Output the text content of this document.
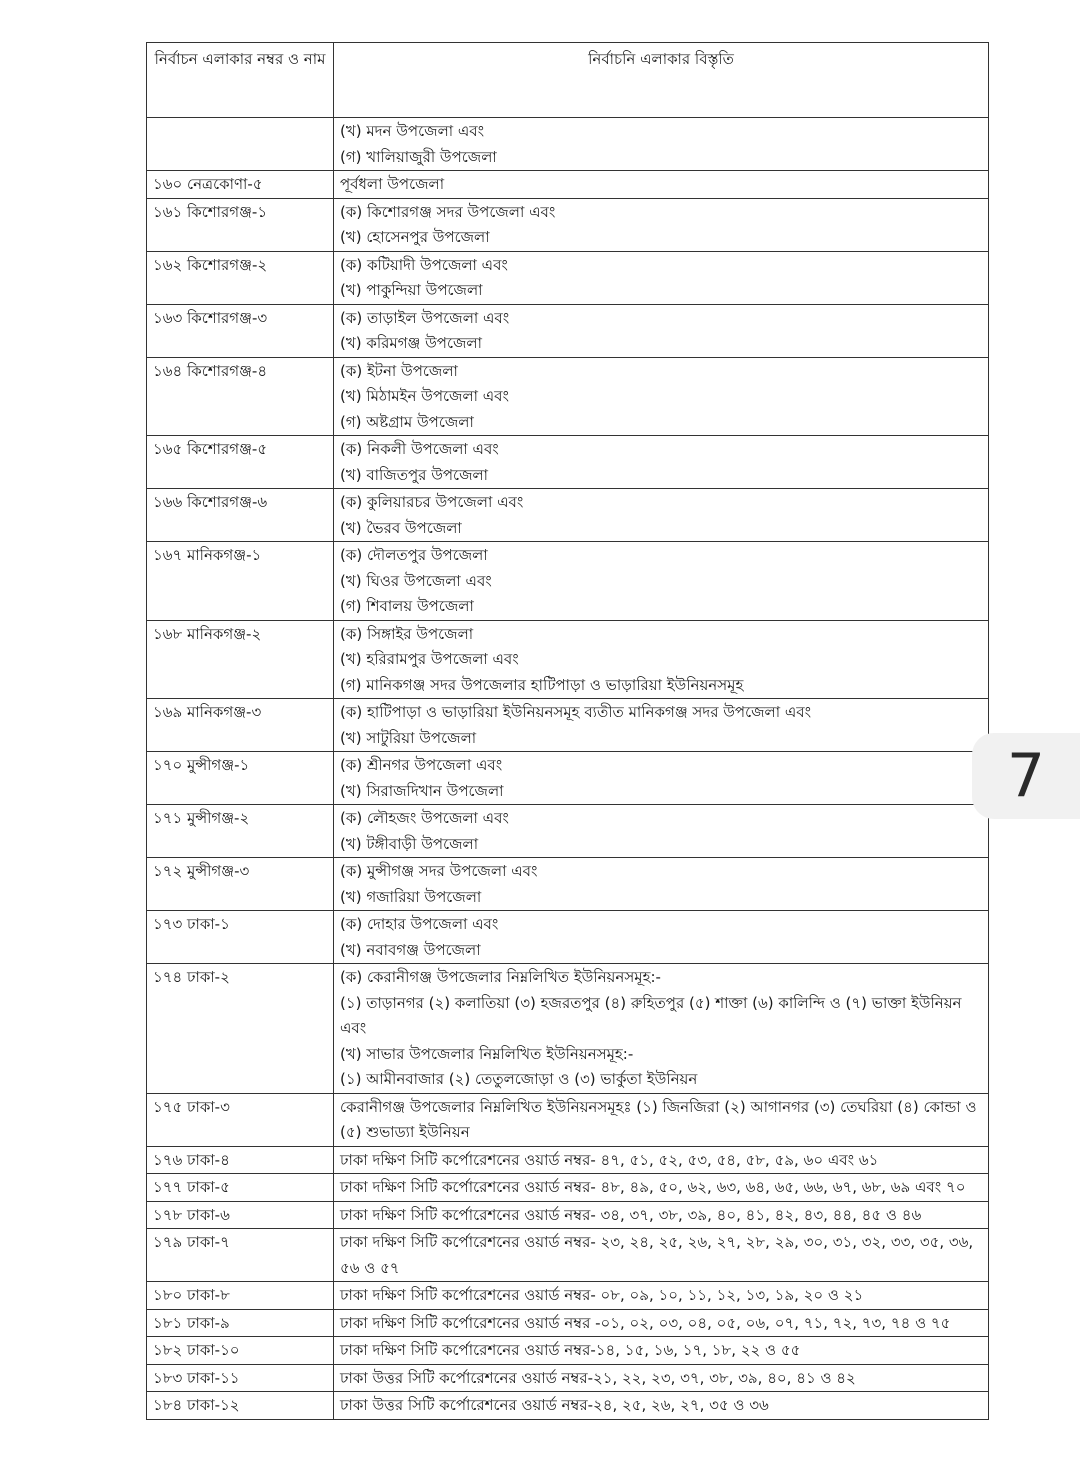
নির্বাচন এলাকার নম্বর ও নাম	নির্বাচনি এলাকার বিস্তৃতি

	(খ) মদন উপজেলা এবং
(গ) খালিয়াজুরী উপজেলা

১৬০ নেত্রকোণা-৫	পূর্বধলা উপজেলা

১৬১ কিশোরগঞ্জ-১	(ক) কিশোরগঞ্জ সদর উপজেলা এবং
(খ) হোসেনপুর উপজেলা

১৬২ কিশোরগঞ্জ-২	(ক) কটিয়াদী উপজেলা এবং
(খ) পাকুন্দিয়া উপজেলা

১৬৩ কিশোরগঞ্জ-৩	(ক) তাড়াইল উপজেলা এবং
(খ) করিমগঞ্জ উপজেলা

১৬৪ কিশোরগঞ্জ-৪	(ক) ইটনা উপজেলা
(খ) মিঠামইন উপজেলা এবং
(গ) অষ্টগ্রাম উপজেলা

১৬৫ কিশোরগঞ্জ-৫	(ক) নিকলী উপজেলা এবং
(খ) বাজিতপুর উপজেলা

১৬৬ কিশোরগঞ্জ-৬	(ক) কুলিয়ারচর উপজেলা এবং
(খ) ভৈরব উপজেলা

১৬৭ মানিকগঞ্জ-১	(ক) দৌলতপুর উপজেলা
(খ) ঘিওর উপজেলা এবং
(গ) শিবালয় উপজেলা

১৬৮ মানিকগঞ্জ-২	(ক) সিঙ্গাইর উপজেলা
(খ) হরিরামপুর উপজেলা এবং
(গ) মানিকগঞ্জ সদর উপজেলার হাটিপাড়া ও ভাড়ারিয়া ইউনিয়নসমূহ

১৬৯ মানিকগঞ্জ-৩	(ক) হাটিপাড়া ও ভাড়ারিয়া ইউনিয়নসমূহ ব্যতীত মানিকগঞ্জ সদর উপজেলা এবং
(খ) সাটুরিয়া উপজেলা

১৭০ মুন্সীগঞ্জ-১	(ক) শ্রীনগর উপজেলা এবং
(খ) সিরাজদিখান উপজেলা

১৭১ মুন্সীগঞ্জ-২	(ক) লৌহজং উপজেলা এবং
(খ) টঙ্গীবাড়ী উপজেলা

১৭২ মুন্সীগঞ্জ-৩	(ক) মুন্সীগঞ্জ সদর উপজেলা এবং
(খ) গজারিয়া উপজেলা

১৭৩ ঢাকা-১	(ক) দোহার উপজেলা এবং
(খ) নবাবগঞ্জ উপজেলা

১৭৪ ঢাকা-২	(ক) কেরানীগঞ্জ উপজেলার নিম্নলিখিত ইউনিয়নসমূহ:-
(১) তাড়ানগর (২) কলাতিয়া (৩) হজরতপুর (৪) রুহিতপুর (৫) শাক্তা (৬) কালিন্দি ও (৭) ভাক্তা ইউনিয়ন এবং
(খ) সাভার উপজেলার নিম্নলিখিত ইউনিয়নসমূহ:-
(১) আমীনবাজার (২) তেতুলজোড়া ও (৩) ভার্কুতা ইউনিয়ন

১৭৫ ঢাকা-৩	কেরানীগঞ্জ উপজেলার নিম্নলিখিত ইউনিয়নসমূহঃ (১) জিনজিরা (২) আগানগর (৩) তেঘরিয়া (৪) কোন্ডা ও (৫) শুভাড্যা ইউনিয়ন

১৭৬ ঢাকা-৪	ঢাকা দক্ষিণ সিটি কর্পোরেশনের ওয়ার্ড নম্বর- ৪৭, ৫১, ৫২, ৫৩, ৫৪, ৫৮, ৫৯, ৬০ এবং ৬১

১৭৭ ঢাকা-৫	ঢাকা দক্ষিণ সিটি কর্পোরেশনের ওয়ার্ড নম্বর- ৪৮, ৪৯, ৫০, ৬২, ৬৩, ৬৪, ৬৫, ৬৬, ৬৭, ৬৮, ৬৯ এবং ৭০

১৭৮ ঢাকা-৬	ঢাকা দক্ষিণ সিটি কর্পোরেশনের ওয়ার্ড নম্বর- ৩৪, ৩৭, ৩৮, ৩৯, ৪০, ৪১, ৪২, ৪৩, ৪৪, ৪৫ ও ৪৬

১৭৯ ঢাকা-৭	ঢাকা দক্ষিণ সিটি কর্পোরেশনের ওয়ার্ড নম্বর- ২৩, ২৪, ২৫, ২৬, ২৭, ২৮, ২৯, ৩০, ৩১, ৩২, ৩৩, ৩৫, ৩৬, ৫৬ ও ৫৭

১৮০ ঢাকা-৮	ঢাকা দক্ষিণ সিটি কর্পোরেশনের ওয়ার্ড নম্বর- ০৮, ০৯, ১০, ১১, ১২, ১৩, ১৯, ২০ ও ২১

১৮১ ঢাকা-৯	ঢাকা দক্ষিণ সিটি কর্পোরেশনের ওয়ার্ড নম্বর -০১, ০২, ০৩, ০৪, ০৫, ০৬, ০৭, ৭১, ৭২, ৭৩, ৭৪ ও ৭৫

১৮২ ঢাকা-১০	ঢাকা দক্ষিণ সিটি কর্পোরেশনের ওয়ার্ড নম্বর-১৪, ১৫, ১৬, ১৭, ১৮, ২২ ও ৫৫

১৮৩ ঢাকা-১১	ঢাকা উত্তর সিটি কর্পোরেশনের ওয়ার্ড নম্বর-২১, ২২, ২৩, ৩৭, ৩৮, ৩৯, ৪০, ৪১ ও ৪২

১৮৪ ঢাকা-১২	ঢাকা উত্তর সিটি কর্পোরেশনের ওয়ার্ড নম্বর-২৪, ২৫, ২৬, ২৭, ৩৫ ও ৩৬
7
